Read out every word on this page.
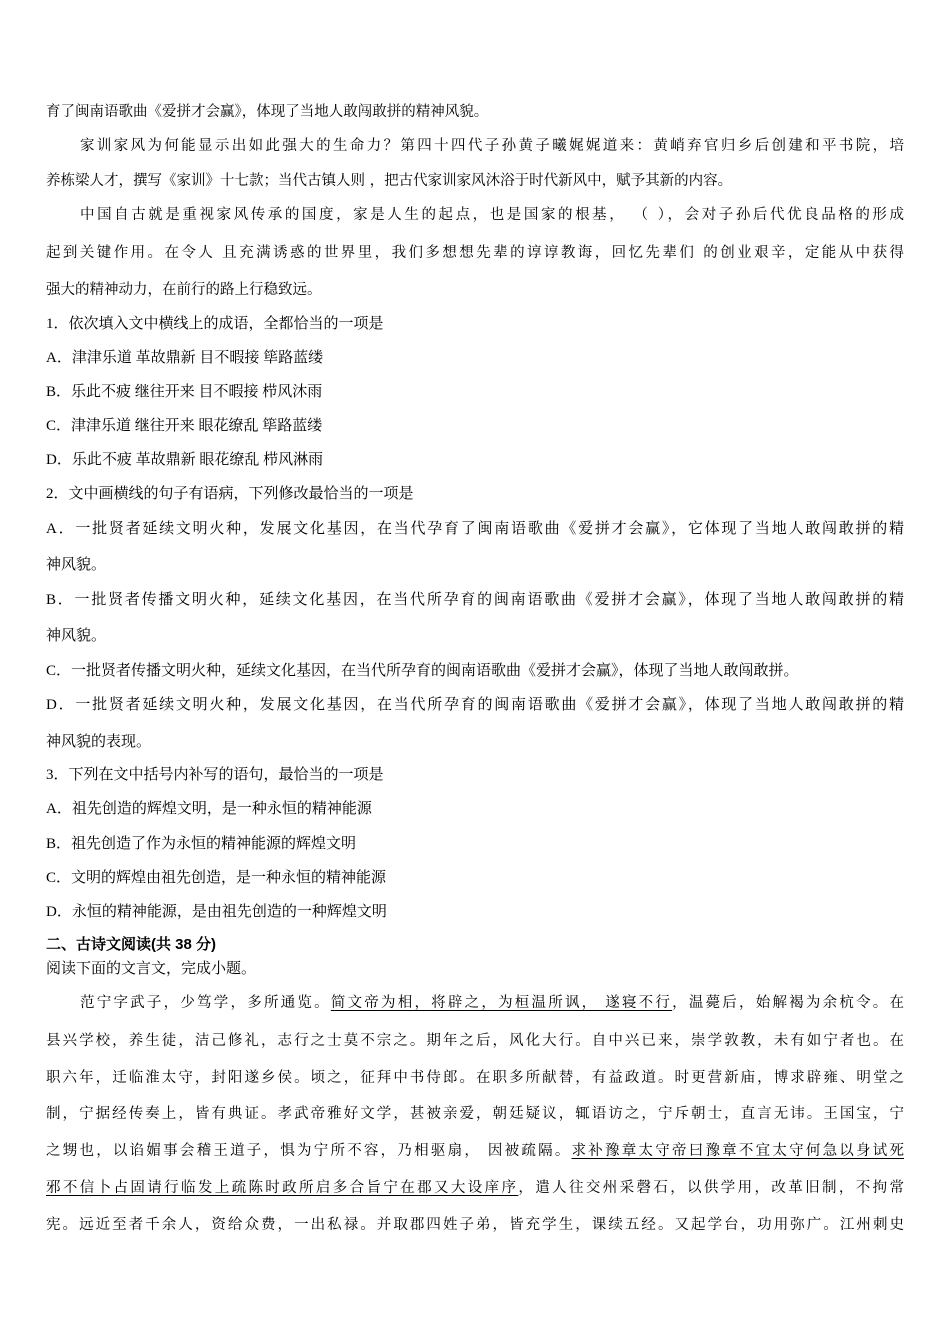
育了闽南语歌曲《爱拼才会赢》，体现了当地人敢闯敢拼的精神风貌。
家训家风为何能显示出如此强大的生命力？第四十四代子孙黄子曦娓娓道来：黄峭弃官归乡后创建和平书院，培
养栋梁人才，撰写《家训》十七款；当代古镇人则 ，把古代家训家风沐浴于时代新风中，赋予其新的内容。
中国自古就是重视家风传承的国度，家是人生的起点，也是国家的根基， （ ），会对子孙后代优良品格的形成
起到关键作用。在令人 且充满诱惑的世界里，我们多想想先辈的谆谆教诲，回忆先辈们 的创业艰辛，定能从中获得
强大的精神动力，在前行的路上行稳致远。
1．依次填入文中横线上的成语，全都恰当的一项是
A．津津乐道 革故鼎新 目不暇接 筚路蓝缕
B．乐此不疲 继往开来 目不暇接 栉风沐雨
C．津津乐道 继往开来 眼花缭乱 筚路蓝缕
D．乐此不疲 革故鼎新 眼花缭乱 栉风淋雨
2．文中画横线的句子有语病，下列修改最恰当的一项是
A．一批贤者延续文明火种，发展文化基因，在当代孕育了闽南语歌曲《爱拼才会赢》，它体现了当地人敢闯敢拼的精
神风貌。
B．一批贤者传播文明火种，延续文化基因，在当代所孕育的闽南语歌曲《爱拼才会赢》，体现了当地人敢闯敢拼的精
神风貌。
C．一批贤者传播文明火种，延续文化基因，在当代所孕育的闽南语歌曲《爱拼才会赢》，体现了当地人敢闯敢拼。
D．一批贤者延续文明火种，发展文化基因，在当代所孕育的闽南语歌曲《爱拼才会赢》，体现了当地人敢闯敢拼的精
神风貌的表现。
3．下列在文中括号内补写的语句，最恰当的一项是
A．祖先创造的辉煌文明，是一种永恒的精神能源
B．祖先创造了作为永恒的精神能源的辉煌文明
C．文明的辉煌由祖先创造，是一种永恒的精神能源
D．永恒的精神能源，是由祖先创造的一种辉煌文明
二、古诗文阅读(共 38 分)
阅读下面的文言文，完成小题。
范宁字武子，少笃学，多所通览。简文帝为相，将辟之，为桓温所讽， 遂寝不行，温薨后，始解褐为余杭令。在
县兴学校，养生徒，洁己修礼，志行之士莫不宗之。期年之后，风化大行。自中兴已来，崇学敦教，未有如宁者也。在
职六年，迁临淮太守，封阳遂乡侯。顷之，征拜中书侍郎。在职多所献替，有益政道。时更营新庙，博求辟雍、明堂之
制，宁据经传奏上，皆有典证。孝武帝雅好文学，甚被亲爱，朝廷疑议，辄语访之，宁斥朝士，直言无讳。王国宝，宁
之甥也，以谄媚事会稽王道子，惧为宁所不容，乃相驱扇， 因被疏隔。求补豫章太守帝曰豫章不宜太守何急以身试死
邪不信卜占固请行临发上疏陈时政所启多合旨宁在郡又大设庠序，遣人往交州采磬石，以供学用，改革旧制，不拘常
宪。远近至者千余人，资给众费，一出私禄。并取郡四姓子弟，皆充学生，课续五经。又起学台，功用弥广。江州刺史
